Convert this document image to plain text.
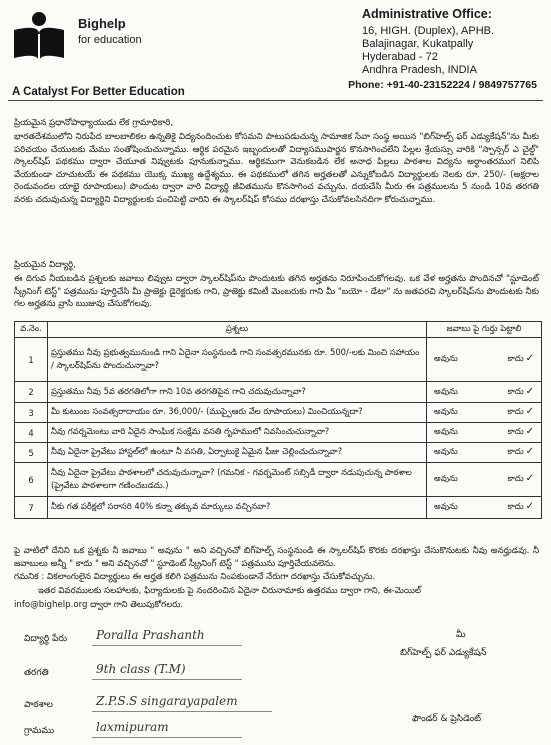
Bighelp
for education
A Catalyst For Better Education
Administrative Office:
16, HIGH. (Duplex), APHB.
Balajinagar, Kukatpally
Hyderabad - 72
Andhra Pradesh, INDIA
Phone: +91-40-23152224 / 9849757765
ప్రియమైన ప్రధానోపాధ్యాయుడు లేక గ్రామాధికారి,
భారతదేశములోని నిరుపేద బాలబాలికల ఉన్నతికై విద్యనందించుట కోసమని పాటుపడుచున్న సామాజిక సేవా సంస్థ అయిన "బిగ్‌హెల్ప్ ఫర్ ఎడ్యుకేషన్"ను మీకు పరిచయం చేయుటకు మేము సంతోషించుచున్నాము. ఆర్థిక పరమైన ఇబ్బందులతో విద్యాసముపార్జన కొనసాగించలేని పిల్లల శ్రేయస్సు వారికి "స్పాన్సర్ ఎ చైల్డ్" స్కాలర్‌షిప్ పథకము ద్వారా చేయూత నివ్వుటకు పూనుకున్నాము. ఆర్థికముగా వెనుకబడిన లేక అనాధ పిల్లలు పాఠశాల విద్యను అర్ధాంతరముగ నిలిపి వేయకుండా చూచుటయే ఈ పథకము యొక్క ముఖ్య ఉద్దేశ్యము. ఈ పథకములో తగిన అర్హతలతో ఎన్నుకోబడిన విద్యార్థులకు నెలకు రూ. 250/- (అక్షరాల రెండువందల యాభై రూపాయలు) పొందుట ద్వారా వారి విద్యార్థి జీవితమును కొనసాగించ వచ్చును. దయచేసి మీరు ఈ పత్రములను 5 నుండి 10వ తరగతి వరకు చదువుచున్న విద్యార్థిని విద్యార్థులకు పంచిపెట్టి వారిని ఈ స్కాలర్‌షిప్ కోసము దరఖాస్తు చేసుకోవలసినదిగా కోరుచున్నాము.
ప్రియమైన విద్యార్థి,
ఈ దిగువ నీయబడిన ప్రశ్నలకు జవాబు లివ్వుట ద్వారా స్కాలర్‌షిప్‌ను పొందుటకు తగిన అర్హతను నిరూపించుకోగలవు. ఒక వేళ అర్హతను పొందినచో "స్టూడెంట్ స్క్రీనింగ్ టెస్ట్" పత్రమును పూర్తిచేసి మీ ప్రాజెక్టు డైరెక్టరుకు గాని, ప్రాజెక్టు కమిటీ మెంబరుకు గాని మీ "బయో - డేటా" ను జతపరచి స్కాలర్‌షిప్‌ను పొందుటకు నీకు గల అర్హతను వ్రాసి ఋజువు చేసుకోగలవు.
వ.నెం.	ప్రశ్నలు	జవాబు పై గుర్తు పెట్టాలి
1	ప్రస్తుతము నీవు ప్రభుత్వమునుండి గాని ఏదైనా సంస్థనుండి గాని సంవత్సరమునకు రూ. 500/-లకు మించి సహాయం / స్కాలర్‌షిప్‌ను పొందుచున్నావా?	అవును కాదు ✓

2	ప్రస్తుతము నీవు 5వ తరగతిలోగా గాని 10వ తరగతిపైన గాని చదువుచున్నావా?	అవును కాదు ✓

3	మీ కుటుంబ సంవత్సరాదాయం రూ. 36,000/- (ముప్పైఆరు వేల రూపాయలు) మించియున్నదా?	అవును కాదు ✓

4	నీవు గవర్నమెంటు వారి ఏదైన సాంఘిక సంక్షేమ వసతి గృహములో నివసించుచున్నావా?	అవును కాదు ✓

5	నీవు ఏదైనా ప్రైవేటు హాస్టల్‌లో ఉంటూ నీ వసతి, ఏర్పాటుకై ఏమైన ఫీజు చెల్లించుచున్నావా?	అవును కాదు ✓

6	నీవు ఏదైనా ప్రైవేటు పాఠశాలలో చదువుచున్నావా? (గమనిక - గవర్నమెంట్ సబ్సిడీ ద్వారా నడుపుచున్న పాఠశాల (ప్రైవేటు పాఠశాలగా గణించబడదు.)	అవును కాదు ✓

7	నీకు గత పరీక్షలో సరాసరి 40% కన్నా తక్కువ మార్కులు వచ్చినవా?	అవును కాదు ✓
పై వాటిలో దేనిని ఒక ప్రశ్నకు నీ జవాబు " అవును " అని వచ్చినచో బిగ్‌హెల్ప్ సంస్థనుండి ఈ స్కాలర్‌షిప్ కొరకు దరఖాస్తు చేసుకొనుటకు నీవు అనర్హుడవు. నీ జవాబులు అన్నీ " కాదు " అని వచ్చినచో " స్టూడెంట్ స్క్రీనింగ్ టెస్ట్ " పత్రమును పూర్తిచేయవలెను.
గమనిక : వికలాంగులైన విద్యార్థులు ఈ అర్హత కలిగి పత్రమును నింపకుండానే నేరుగా దరఖాస్తు చేసుకోవచ్చును.
ఇతర వివరములకు సలహాలకు, ఫిర్యాదులకు పై నందరించిన ఏదైనా చిరునామాకు ఉత్తరము ద్వారా గాని, ఈ-మెయిల్
info@bighelp.org ద్వారా గాని తెలుపుకోగలరు.
విద్యార్థి పేరు Poralla Prashanth
తరగతి	9th class (T.M)
పాఠశాల	Z.P.S.S singarayapalem
గ్రామము	laxmipuram
మీ
బిగ్‌హెల్ప్ ఫర్ ఎడ్యుకేషన్
ఫౌండర్ & ప్రెసిడెంట్
